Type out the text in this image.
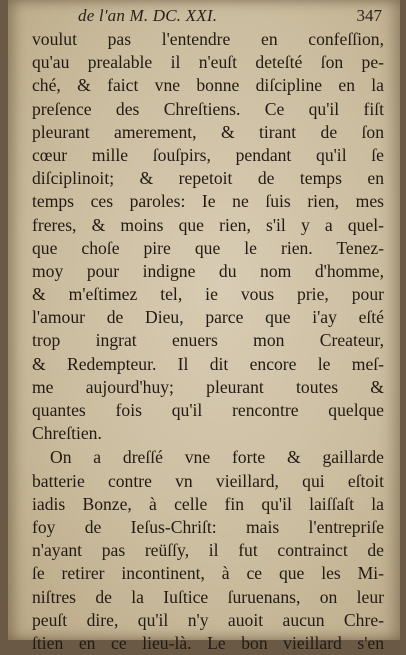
de l'an M. DC. XXI.	347
voulut pas l'entendre en confeſſion,
qu'au prealable il n'euſt deteſté ſon pe-
ché, & faict vne bonne diſcipline en la
preſence des Chreſtiens. Ce qu'il fiſt
pleurant amerement, & tirant de ſon
cœur mille ſouſpirs, pendant qu'il ſe
diſciplinoit; & repetoit de temps en
temps ces paroles: Ie ne ſuis rien, mes
freres, & moins que rien, s'il y a quel-
que choſe pire que le rien. Tenez-
moy pour indigne du nom d'homme,
& m'eſtimez tel, ie vous prie, pour
l'amour de Dieu, parce que i'ay eſté
trop ingrat enuers mon Createur,
& Redempteur. Il dit encore le meſ-
me aujourd'huy; pleurant toutes &
quantes fois qu'il rencontre quelque
Chreſtien.
On a dreſſé vne forte & gaillarde
batterie contre vn vieillard, qui eſtoit
iadis Bonze, à celle fin qu'il laiſſaſt la
foy de Ieſus-Chriſt: mais l'entrepriſe
n'ayant pas reüſſy, il fut contrainct de
ſe retirer incontinent, à ce que les Mi-
niſtres de la Iuſtice ſuruenans, on leur
peuſt dire, qu'il n'y auoit aucun Chre-
ſtien en ce lieu-là. Le bon vieillard s'en
